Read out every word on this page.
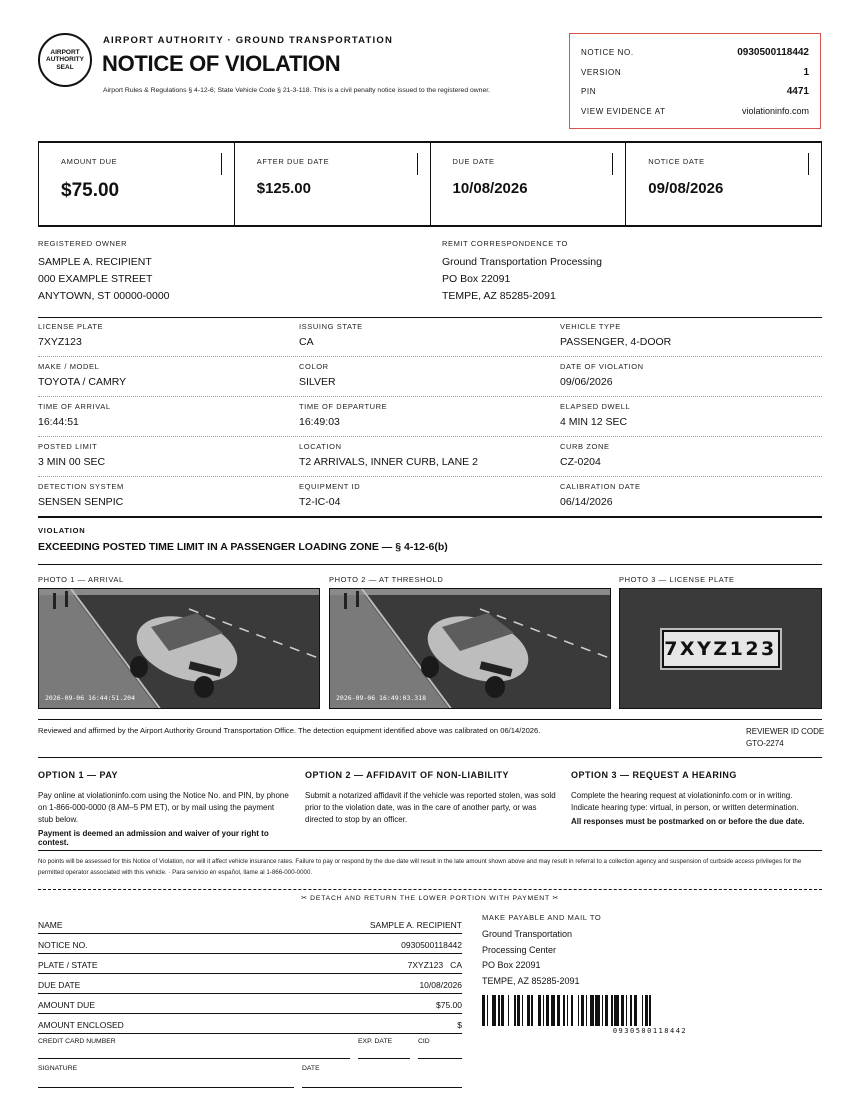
AIRPORT AUTHORITY SEAL
AIRPORT AUTHORITY · GROUND TRANSPORTATION
NOTICE OF VIOLATION
Airport Rules & Regulations § 4-12-6; State Vehicle Code § 21-3-118. This is a civil penalty notice issued to the registered owner.
NOTICE NO.	0930500118442
VERSION	1
PIN	4471
VIEW EVIDENCE AT	violationinfo.com
AMOUNT DUE
$75.00
AFTER DUE DATE
$125.00
DUE DATE
10/08/2026
NOTICE DATE
09/08/2026
REGISTERED OWNER
SAMPLE A. RECIPIENT
000 EXAMPLE STREET
ANYTOWN, ST 00000-0000
REMIT CORRESPONDENCE TO
Ground Transportation Processing
PO Box 22091
TEMPE, AZ 85285-2091
LICENSE PLATE
7XYZ123
ISSUING STATE
CA
VEHICLE TYPE
PASSENGER, 4-DOOR
MAKE / MODEL
TOYOTA / CAMRY
COLOR
SILVER
DATE OF VIOLATION
09/06/2026
TIME OF ARRIVAL
16:44:51
TIME OF DEPARTURE
16:49:03
ELAPSED DWELL
4 MIN 12 SEC
POSTED LIMIT
3 MIN 00 SEC
LOCATION
T2 ARRIVALS, INNER CURB, LANE 2
CURB ZONE
CZ-0204
DETECTION SYSTEM
SENSEN SENPIC
EQUIPMENT ID
T2-IC-04
CALIBRATION DATE
06/14/2026
VIOLATION
EXCEEDING POSTED TIME LIMIT IN A PASSENGER LOADING ZONE — § 4-12-6(b)
PHOTO 1 — ARRIVAL	PHOTO 2 — AT THRESHOLD	PHOTO 3 — LICENSE PLATE
2026-09-06 16:44:51.204	2026-09-06 16:49:03.318
7XYZ123
Reviewed and affirmed by the Airport Authority Ground Transportation Office. The detection equipment identified above was calibrated on 06/14/2026.	REVIEWER ID CODE
GTO-2274
OPTION 1 — PAY
Pay online at violationinfo.com using the Notice No. and PIN, by phone on 1-866-000-0000 (8 AM–5 PM ET), or by mail using the payment stub below.
Payment is deemed an admission and waiver of your right to contest.
OPTION 2 — AFFIDAVIT OF NON-LIABILITY
Submit a notarized affidavit if the vehicle was reported stolen, was sold prior to the violation date, was in the care of another party, or was directed to stop by an officer.
OPTION 3 — REQUEST A HEARING
Complete the hearing request at violationinfo.com or in writing. Indicate hearing type: virtual, in person, or written determination.
All responses must be postmarked on or before the due date.
No points will be assessed for this Notice of Violation, nor will it affect vehicle insurance rates. Failure to pay or respond by the due date will result in the late amount shown above and may result in referral to a collection agency and suspension of curbside access privileges for the permitted operator associated with this vehicle. · Para servicio en español, llame al 1-866-000-0000.
✂ DETACH AND RETURN THE LOWER PORTION WITH PAYMENT ✂
NAME	SAMPLE A. RECIPIENT
NOTICE NO.	0930500118442
PLATE / STATE	7XYZ123   CA
DUE DATE	10/08/2026
AMOUNT DUE	$75.00
AMOUNT ENCLOSED	$
CREDIT CARD NUMBER	EXP. DATE	CID
SIGNATURE	DATE
MAKE PAYABLE AND MAIL TO
Ground Transportation
Processing Center
PO Box 22091
TEMPE, AZ 85285-2091
0930500118442
